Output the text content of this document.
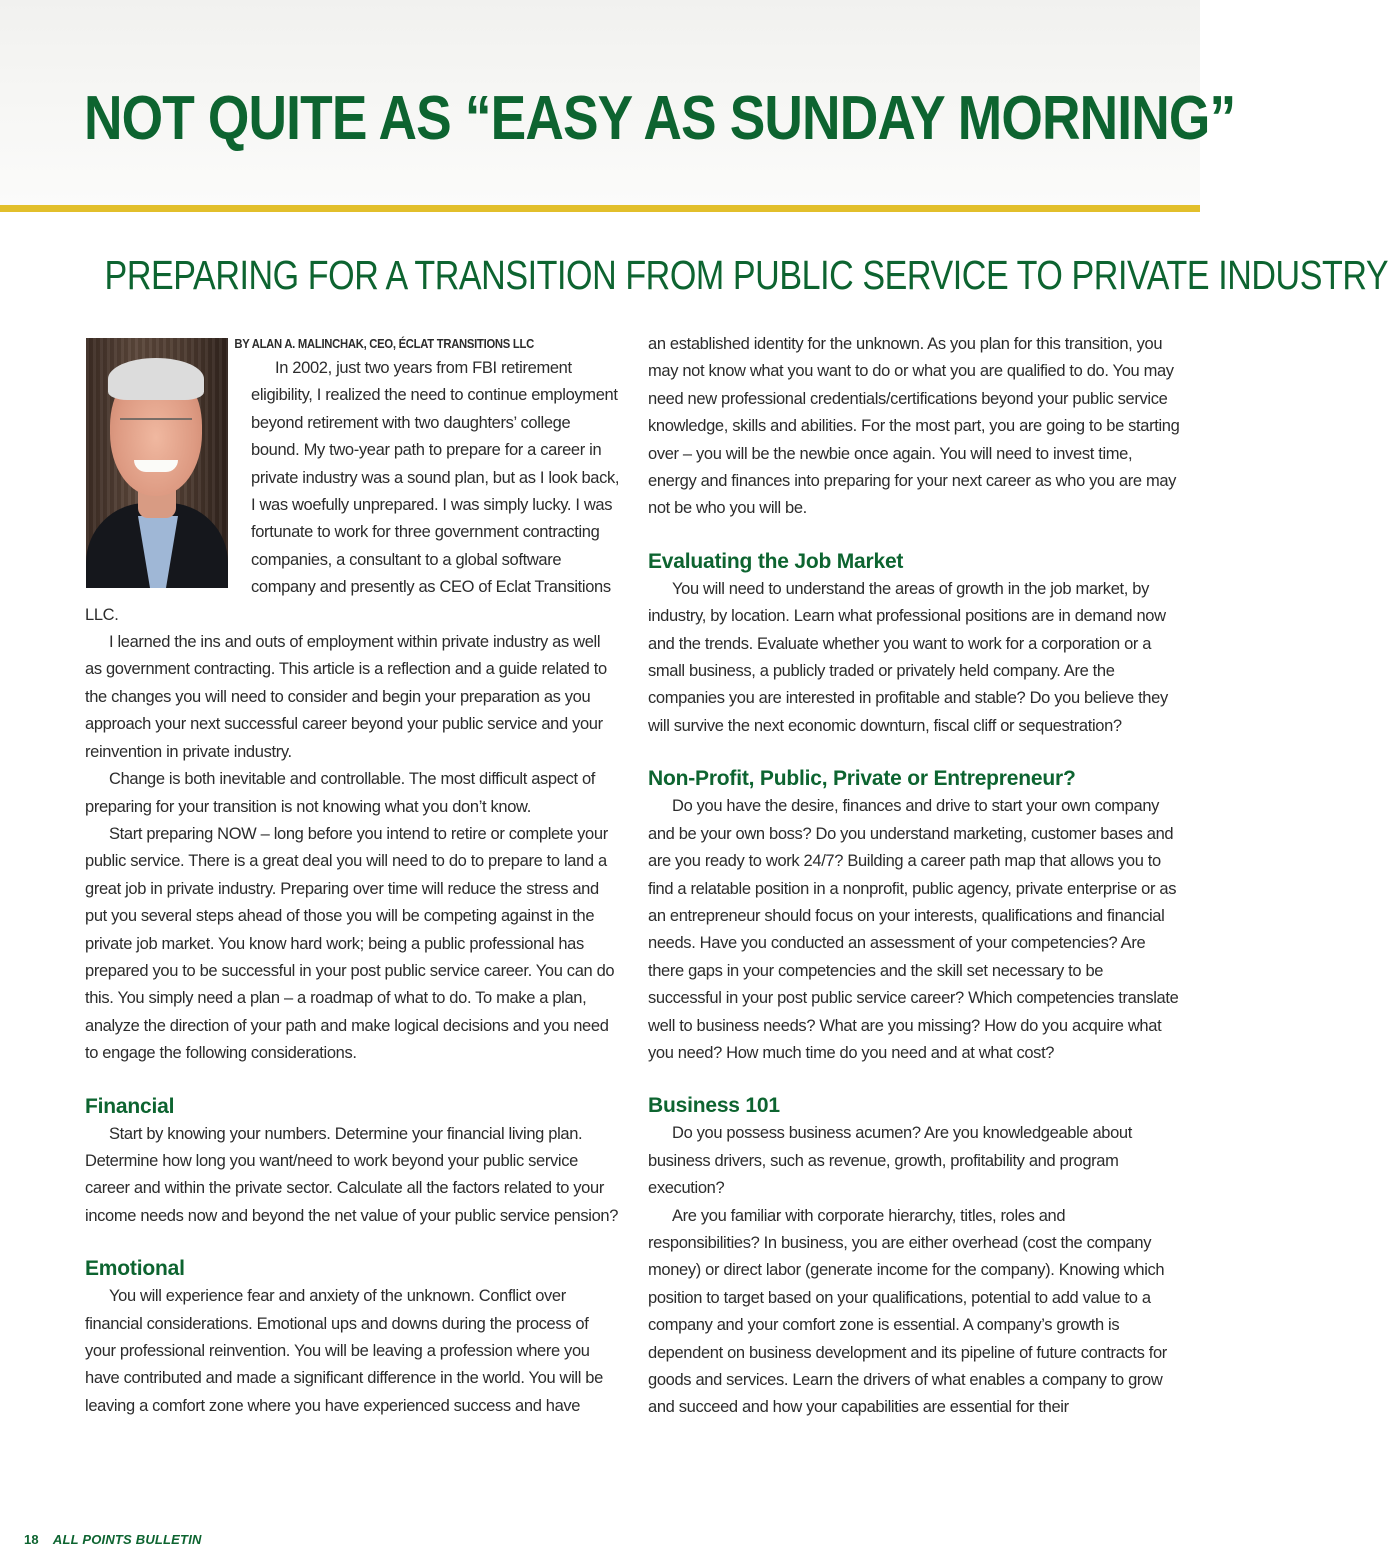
NOT QUITE AS “EASY AS SUNDAY MORNING”
PREPARING FOR A TRANSITION FROM PUBLIC SERVICE TO PRIVATE INDUSTRY
BY ALAN A. MALINCHAK, CEO, ÉCLAT TRANSITIONS LLC

In 2002, just two years from FBI retirement eligibility, I realized the need to continue employment beyond retirement with two daughters’ college bound. My two-year path to prepare for a career in private industry was a sound plan, but as I look back, I was woefully unprepared. I was simply lucky. I was fortunate to work for three government contracting companies, a consultant to a global software company and presently as CEO of Eclat Transitions LLC.

I learned the ins and outs of employment within private industry as well as government contracting. This article is a reflection and a guide related to the changes you will need to consider and begin your preparation as you approach your next successful career beyond your public service and your reinvention in private industry.

Change is both inevitable and controllable. The most difficult aspect of preparing for your transition is not knowing what you don’t know.

Start preparing NOW – long before you intend to retire or complete your public service. There is a great deal you will need to do to prepare to land a great job in private industry. Preparing over time will reduce the stress and put you several steps ahead of those you will be competing against in the private job market. You know hard work; being a public professional has prepared you to be successful in your post public service career. You can do this. You simply need a plan – a roadmap of what to do. To make a plan, analyze the direction of your path and make logical decisions and you need to engage the following considerations.

Financial

Start by knowing your numbers. Determine your financial living plan. Determine how long you want/need to work beyond your public service career and within the private sector. Calculate all the factors related to your income needs now and beyond the net value of your public service pension?

Emotional

You will experience fear and anxiety of the unknown. Conflict over financial considerations. Emotional ups and downs during the process of your professional reinvention. You will be leaving a profession where you have contributed and made a significant difference in the world. You will be leaving a comfort zone where you have experienced success and have

an established identity for the unknown. As you plan for this transition, you may not know what you want to do or what you are qualified to do. You may need new professional credentials/certifications beyond your public service knowledge, skills and abilities. For the most part, you are going to be starting over – you will be the newbie once again. You will need to invest time, energy and finances into preparing for your next career as who you are may not be who you will be.

Evaluating the Job Market

You will need to understand the areas of growth in the job market, by industry, by location. Learn what professional positions are in demand now and the trends. Evaluate whether you want to work for a corporation or a small business, a publicly traded or privately held company. Are the companies you are interested in profitable and stable? Do you believe they will survive the next economic downturn, fiscal cliff or sequestration?

Non-Profit, Public, Private or Entrepreneur?

Do you have the desire, finances and drive to start your own company and be your own boss? Do you understand marketing, customer bases and are you ready to work 24/7? Building a career path map that allows you to find a relatable position in a nonprofit, public agency, private enterprise or as an entrepreneur should focus on your interests, qualifications and financial needs. Have you conducted an assessment of your competencies? Are there gaps in your competencies and the skill set necessary to be successful in your post public service career? Which competencies translate well to business needs? What are you missing? How do you acquire what you need? How much time do you need and at what cost?

Business 101

Do you possess business acumen? Are you knowledgeable about business drivers, such as revenue, growth, profitability and program execution?

Are you familiar with corporate hierarchy, titles, roles and responsibilities? In business, you are either overhead (cost the company money) or direct labor (generate income for the company). Knowing which position to target based on your qualifications, potential to add value to a company and your comfort zone is essential. A company’s growth is dependent on business development and its pipeline of future contracts for goods and services. Learn the drivers of what enables a company to grow and succeed and how your capabilities are essential for their

18 ALL POINTS BULLETIN
